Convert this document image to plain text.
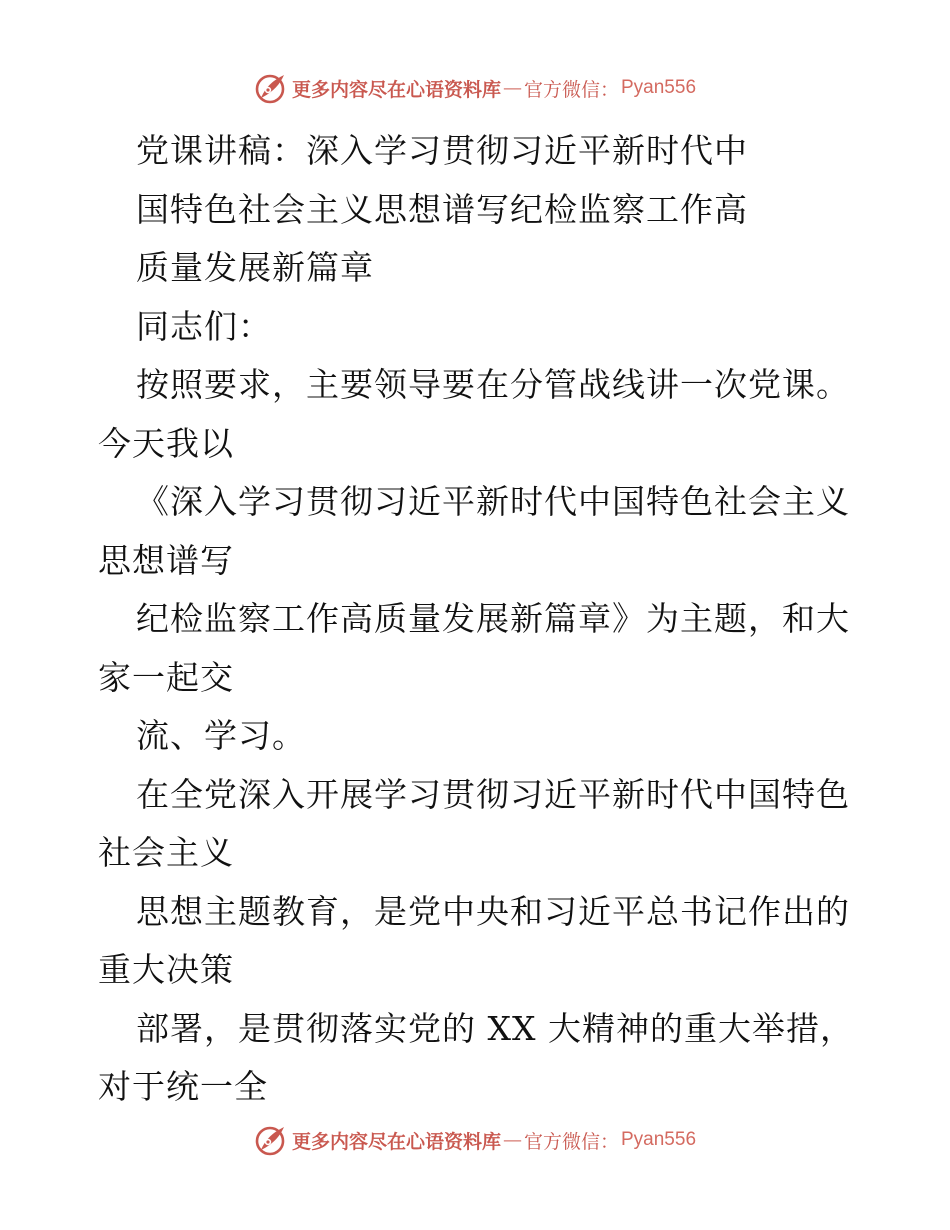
更多内容尽在心语资料库 — 官方微信： Pyan556
党课讲稿：深入学习贯彻习近平新时代中
国特色社会主义思想谱写纪检监察工作高
质量发展新篇章
同志们：
按照要求，主要领导要在分管战线讲一次党课。
今天我以
《深入学习贯彻习近平新时代中国特色社会主义
思想谱写
纪检监察工作高质量发展新篇章》为主题，和大
家一起交
流、学习。
在全党深入开展学习贯彻习近平新时代中国特色
社会主义
思想主题教育，是党中央和习近平总书记作出的
重大决策
部署，是贯彻落实党的 XX 大精神的重大举措，
对于统一全
更多内容尽在心语资料库 — 官方微信： Pyan556
